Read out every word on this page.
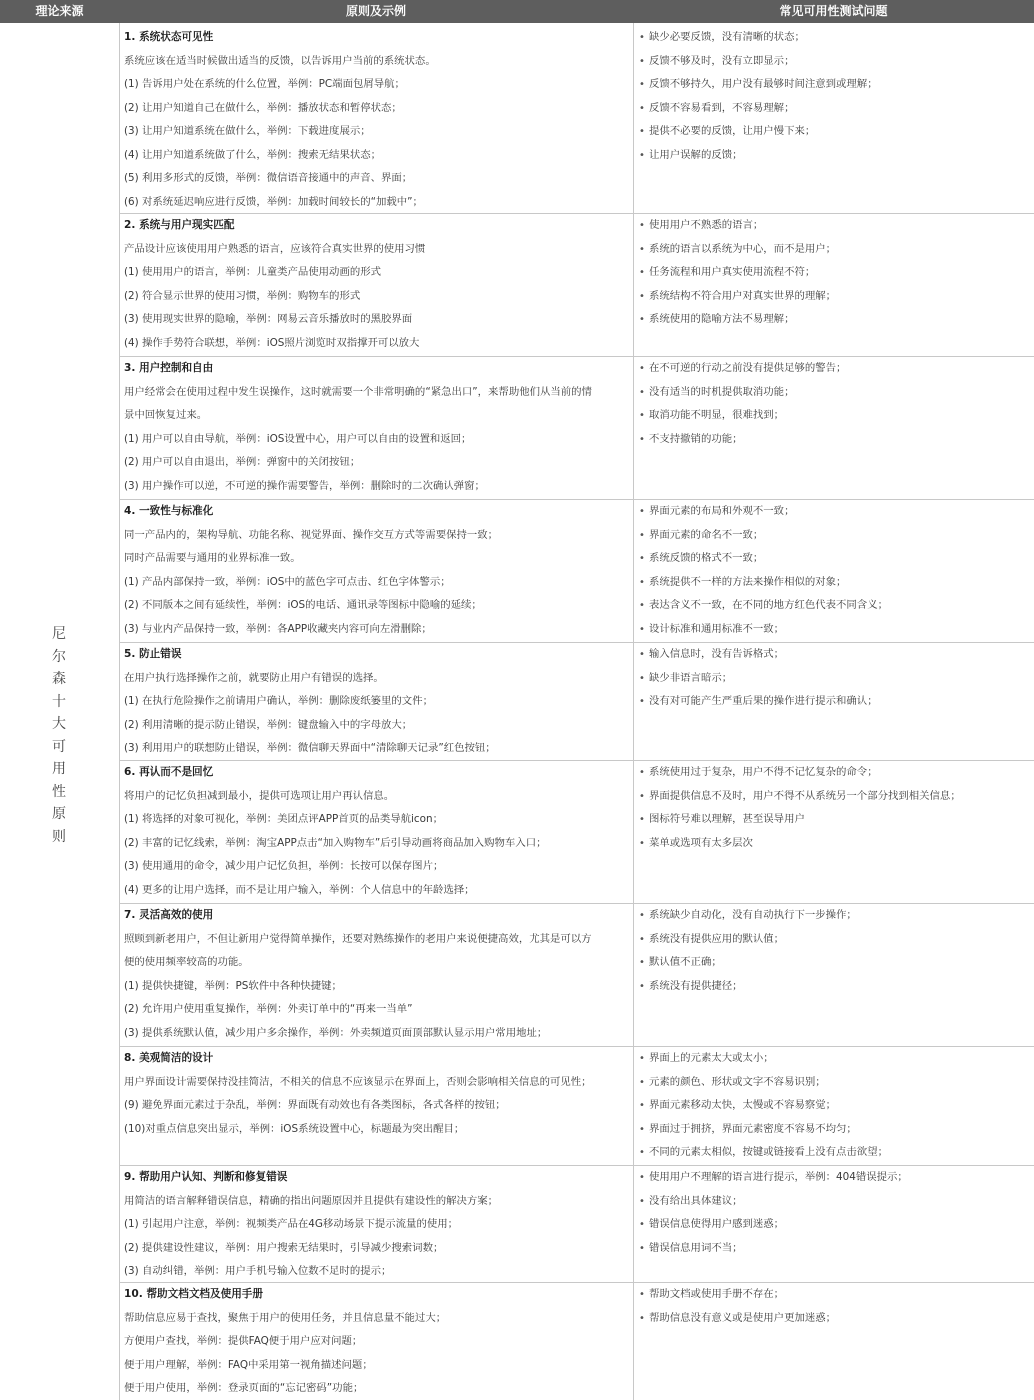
理论来源	原则及示例	常见可用性测试问题
尼尔森十大可用性原则
1. 系统状态可见性
系统应该在适当时候做出适当的反馈，以告诉用户当前的系统状态。
(1) 告诉用户处在系统的什么位置，举例：PC端面包屑导航；
(2) 让用户知道自己在做什么，举例：播放状态和暂停状态；
(3) 让用户知道系统在做什么，举例：下载进度展示；
(4) 让用户知道系统做了什么，举例：搜索无结果状态；
(5) 利用多形式的反馈，举例：微信语音接通中的声音、界面；
(6) 对系统延迟响应进行反馈，举例：加载时间较长的“加载中”；
• 缺少必要反馈，没有清晰的状态；
• 反馈不够及时，没有立即显示；
• 反馈不够持久，用户没有最够时间注意到或理解；
• 反馈不容易看到，不容易理解；
• 提供不必要的反馈，让用户慢下来；
• 让用户误解的反馈；
2. 系统与用户现实匹配
产品设计应该使用用户熟悉的语言，应该符合真实世界的使用习惯
(1) 使用用户的语言，举例：儿童类产品使用动画的形式
(2) 符合显示世界的使用习惯，举例：购物车的形式
(3) 使用现实世界的隐喻，举例：网易云音乐播放时的黑胶界面
(4) 操作手势符合联想，举例：iOS照片浏览时双指撑开可以放大
• 使用用户不熟悉的语言；
• 系统的语言以系统为中心，而不是用户；
• 任务流程和用户真实使用流程不符；
• 系统结构不符合用户对真实世界的理解；
• 系统使用的隐喻方法不易理解；
3. 用户控制和自由
用户经常会在使用过程中发生误操作，这时就需要一个非常明确的“紧急出口”，来帮助他们从当前的情
景中回恢复过来。
(1) 用户可以自由导航，举例：iOS设置中心，用户可以自由的设置和返回；
(2) 用户可以自由退出，举例：弹窗中的关闭按钮；
(3) 用户操作可以逆，不可逆的操作需要警告，举例：删除时的二次确认弹窗；
• 在不可逆的行动之前没有提供足够的警告；
• 没有适当的时机提供取消功能；
• 取消功能不明显，很难找到；
• 不支持撤销的功能；
4. 一致性与标准化
同一产品内的，架构导航、功能名称、视觉界面、操作交互方式等需要保持一致；
同时产品需要与通用的业界标准一致。
(1) 产品内部保持一致，举例：iOS中的蓝色字可点击、红色字体警示；
(2) 不同版本之间有延续性，举例：iOS的电话、通讯录等图标中隐喻的延续；
(3) 与业内产品保持一致，举例：各APP收藏夹内容可向左滑删除；
• 界面元素的布局和外观不一致；
• 界面元素的命名不一致；
• 系统反馈的格式不一致；
• 系统提供不一样的方法来操作相似的对象；
• 表达含义不一致，在不同的地方红色代表不同含义；
• 设计标准和通用标准不一致；
5. 防止错误
在用户执行选择操作之前，就要防止用户有错误的选择。
(1) 在执行危险操作之前请用户确认，举例：删除废纸篓里的文件；
(2) 利用清晰的提示防止错误，举例：键盘输入中的字母放大；
(3) 利用用户的联想防止错误，举例：微信聊天界面中“清除聊天记录”红色按钮；
• 输入信息时，没有告诉格式；
• 缺少非语言暗示；
• 没有对可能产生严重后果的操作进行提示和确认；
6. 再认而不是回忆
将用户的记忆负担减到最小，提供可选项让用户再认信息。
(1) 将选择的对象可视化，举例：美团点评APP首页的品类导航icon；
(2) 丰富的记忆线索，举例：淘宝APP点击“加入购物车”后引导动画将商品加入购物车入口；
(3) 使用通用的命令，减少用户记忆负担，举例：长按可以保存图片；
(4) 更多的让用户选择，而不是让用户输入，举例：个人信息中的年龄选择；
• 系统使用过于复杂，用户不得不记忆复杂的命令；
• 界面提供信息不及时，用户不得不从系统另一个部分找到相关信息；
• 图标符号难以理解，甚至误导用户
• 菜单或选项有太多层次
7. 灵活高效的使用
照顾到新老用户，不但让新用户觉得简单操作，还要对熟练操作的老用户来说便捷高效，尤其是可以方
便的使用频率较高的功能。
(1) 提供快捷键，举例：PS软件中各种快捷键；
(2) 允许用户使用重复操作，举例：外卖订单中的“再来一当单”
(3) 提供系统默认值，减少用户多余操作，举例：外卖频道页面顶部默认显示用户常用地址；
• 系统缺少自动化，没有自动执行下一步操作；
• 系统没有提供应用的默认值；
• 默认值不正确；
• 系统没有提供捷径；
8. 美观简洁的设计
用户界面设计需要保持没挂简洁，不相关的信息不应该显示在界面上，否则会影响相关信息的可见性；
(9) 避免界面元素过于杂乱，举例：界面既有动效也有各类图标，各式各样的按钮；
(10)对重点信息突出显示，举例：iOS系统设置中心，标题最为突出醒目；
• 界面上的元素太大或太小；
• 元素的颜色、形状或文字不容易识别；
• 界面元素移动太快，太慢或不容易察觉；
• 界面过于拥挤，界面元素密度不容易不均匀；
• 不同的元素太相似，按键或链接看上没有点击欲望；
9. 帮助用户认知、判断和修复错误
用简洁的语言解释错误信息，精确的指出问题原因并且提供有建设性的解决方案；
(1) 引起用户注意，举例：视频类产品在4G移动场景下提示流量的使用；
(2) 提供建设性建议，举例：用户搜索无结果时，引导减少搜索词数；
(3) 自动纠错，举例：用户手机号输入位数不足时的提示；
• 使用用户不理解的语言进行提示，举例：404错误提示；
• 没有给出具体建议；
• 错误信息使得用户感到迷惑；
• 错误信息用词不当；
10. 帮助文档文档及使用手册
帮助信息应易于查找，聚焦于用户的使用任务，并且信息量不能过大；
方便用户查找，举例：提供FAQ便于用户应对问题；
便于用户理解，举例：FAQ中采用第一视角描述问题；
便于用户使用，举例：登录页面的“忘记密码”功能；
• 帮助文档或使用手册不存在；
• 帮助信息没有意义或是使用户更加迷惑；
